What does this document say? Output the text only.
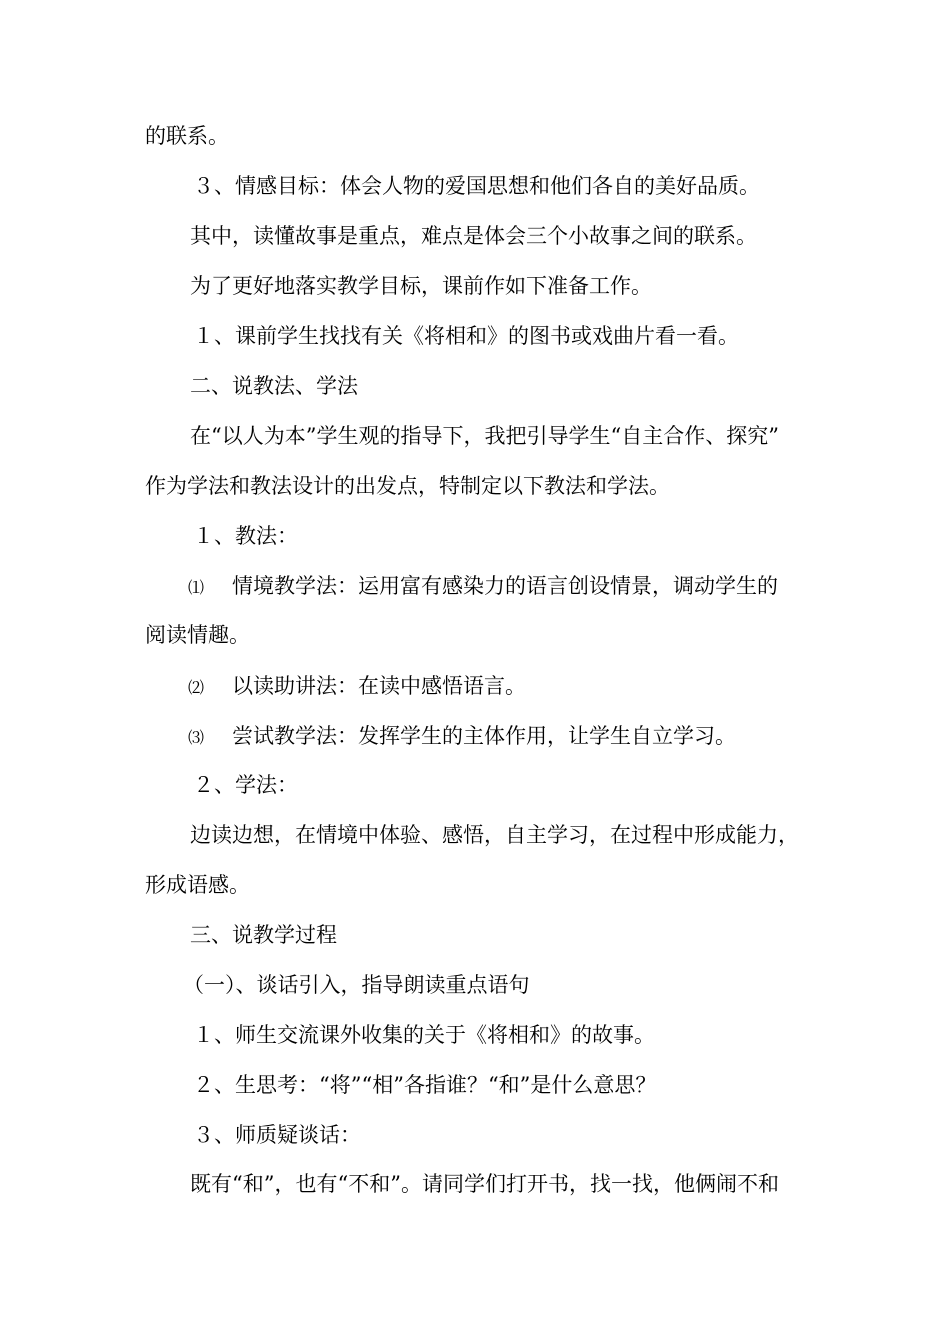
的联系。
３、情感目标：体会人物的爱国思想和他们各自的美好品质。
其中，读懂故事是重点，难点是体会三个小故事之间的联系。
为了更好地落实教学目标，课前作如下准备工作。
１、课前学生找找有关《将相和》的图书或戏曲片看一看。
二、说教法、学法
在“以人为本”学生观的指导下，我把引导学生“自主合作、探究”
作为学法和教法设计的出发点，特制定以下教法和学法。
１、教法：
⑴ 情境教学法：运用富有感染力的语言创设情景，调动学生的
阅读情趣。
⑵ 以读助讲法：在读中感悟语言。
⑶ 尝试教学法：发挥学生的主体作用，让学生自立学习。
２、学法：
边读边想，在情境中体验、感悟，自主学习，在过程中形成能力，
形成语感。
三、说教学过程
（一）、谈话引入，指导朗读重点语句
１、师生交流课外收集的关于《将相和》的故事。
２、生思考：“将”“相”各指谁？“和”是什么意思？
３、师质疑谈话：
既有“和”，也有“不和”。请同学们打开书，找一找，他俩闹不和
